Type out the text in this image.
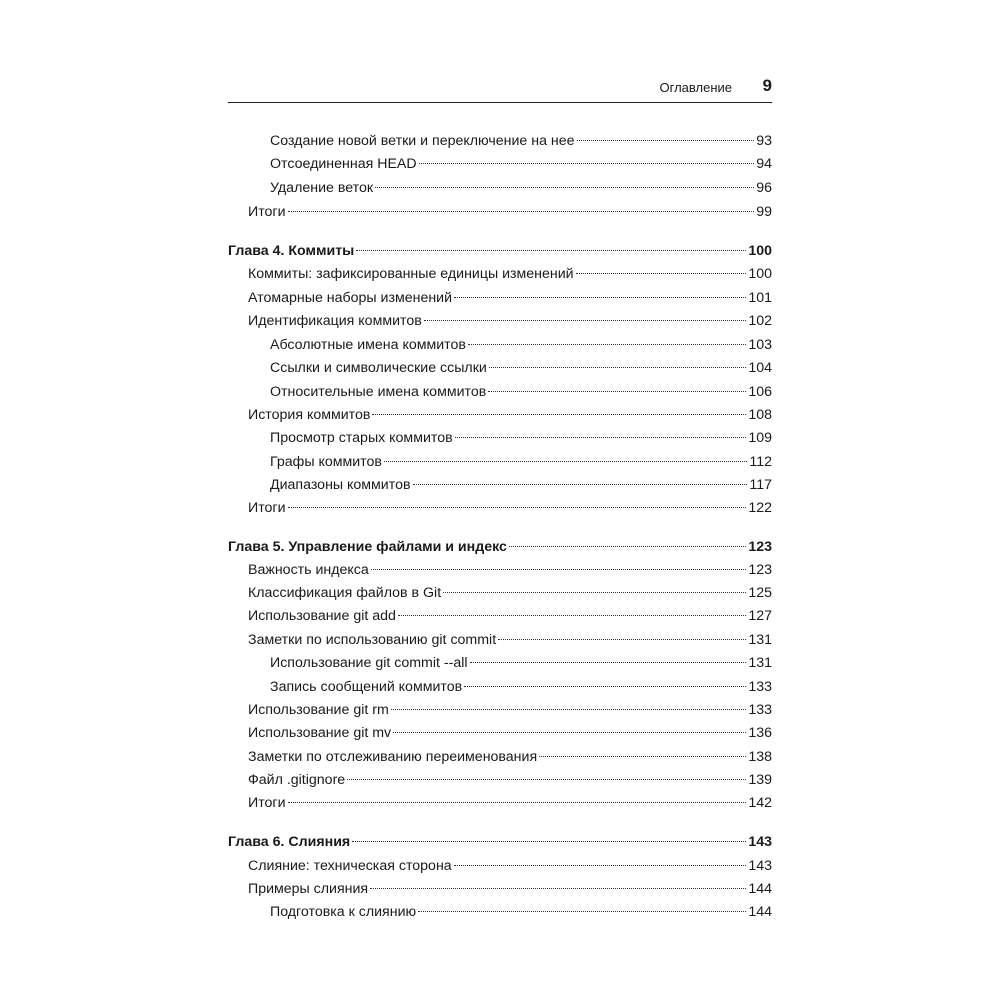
Оглавление 9
Создание новой ветки и переключение на нее	93
Отсоединенная HEAD	94
Удаление веток	96
Итоги	99
Глава 4. Коммиты	100
Коммиты: зафиксированные единицы изменений	100
Атомарные наборы изменений	101
Идентификация коммитов	102
Абсолютные имена коммитов	103
Ссылки и символические ссылки	104
Относительные имена коммитов	106
История коммитов	108
Просмотр старых коммитов	109
Графы коммитов	112
Диапазоны коммитов	117
Итоги	122
Глава 5. Управление файлами и индекс	123
Важность индекса	123
Классификация файлов в Git	125
Использование git add	127
Заметки по использованию git commit	131
Использование git commit --all	131
Запись сообщений коммитов	133
Использование git rm	133
Использование git mv	136
Заметки по отслеживанию переименования	138
Файл .gitignore	139
Итоги	142
Глава 6. Слияния	143
Слияние: техническая сторона	143
Примеры слияния	144
Подготовка к слиянию	144
